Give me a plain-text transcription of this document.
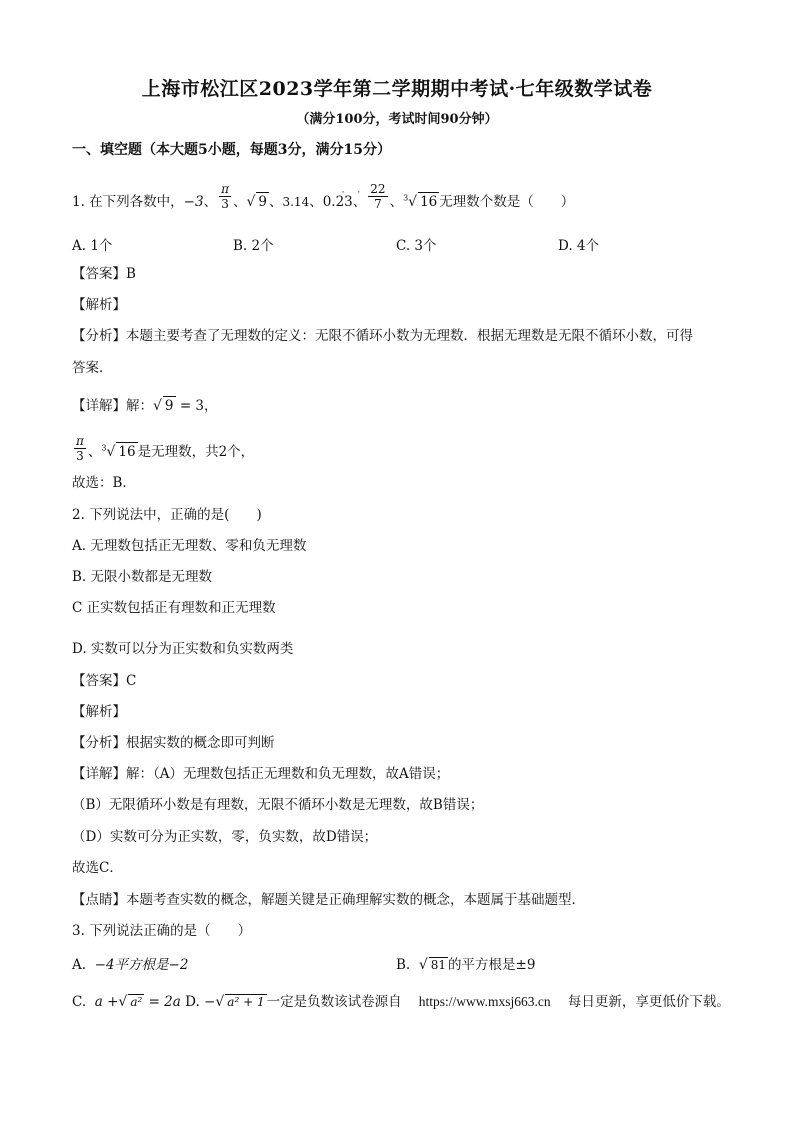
上海市松江区2023学年第二学期期中考试·七年级数学试卷
（满分100分，考试时间90分钟）
一、填空题（本大题5小题，每题3分，满分15分）
1. 在下列各数中，−3、 $\frac{\pi}{3}$ 、√ 9 、3.14、0.
· ·
23、 $\frac{22}{7}$ 、$^3$√ 16 无理数个数是（　　）
A. 1个	B. 2个	C. 3个	D. 4个
【答案】B
【解析】
【分析】本题主要考查了无理数的定义：无限不循环小数为无理数．根据无理数是无限不循环小数，可得
答案．
【详解】解：√ 9 = 3，
$\frac{\pi}{3}$ 、$^3$√ 16 是无理数，共2个，
故选：B．
2. 下列说法中，正确的是(　　)
A. 无理数包括正无理数、零和负无理数
B. 无限小数都是无理数
C 正实数包括正有理数和正无理数
D. 实数可以分为正实数和负实数两类
【答案】C
【解析】
【分析】根据实数的概念即可判断
【详解】解：（A）无理数包括正无理数和负无理数，故A错误；
（B）无限循环小数是有理数，无限不循环小数是无理数，故B错误；
（D）实数可分为正实数，零，负实数，故D错误；
故选C．
【点睛】本题考查实数的概念，解题关键是正确理解实数的概念，本题属于基础题型．
3. 下列说法正确的是（　　）
A. −4平方根是−2	B. √ 81 的平方根是±9
C. a +√ a² = 2a D. −√ a² + 1 一定是负数该试卷源自 https://www.mxsj663.cn 每日更新，享更低价下载。
